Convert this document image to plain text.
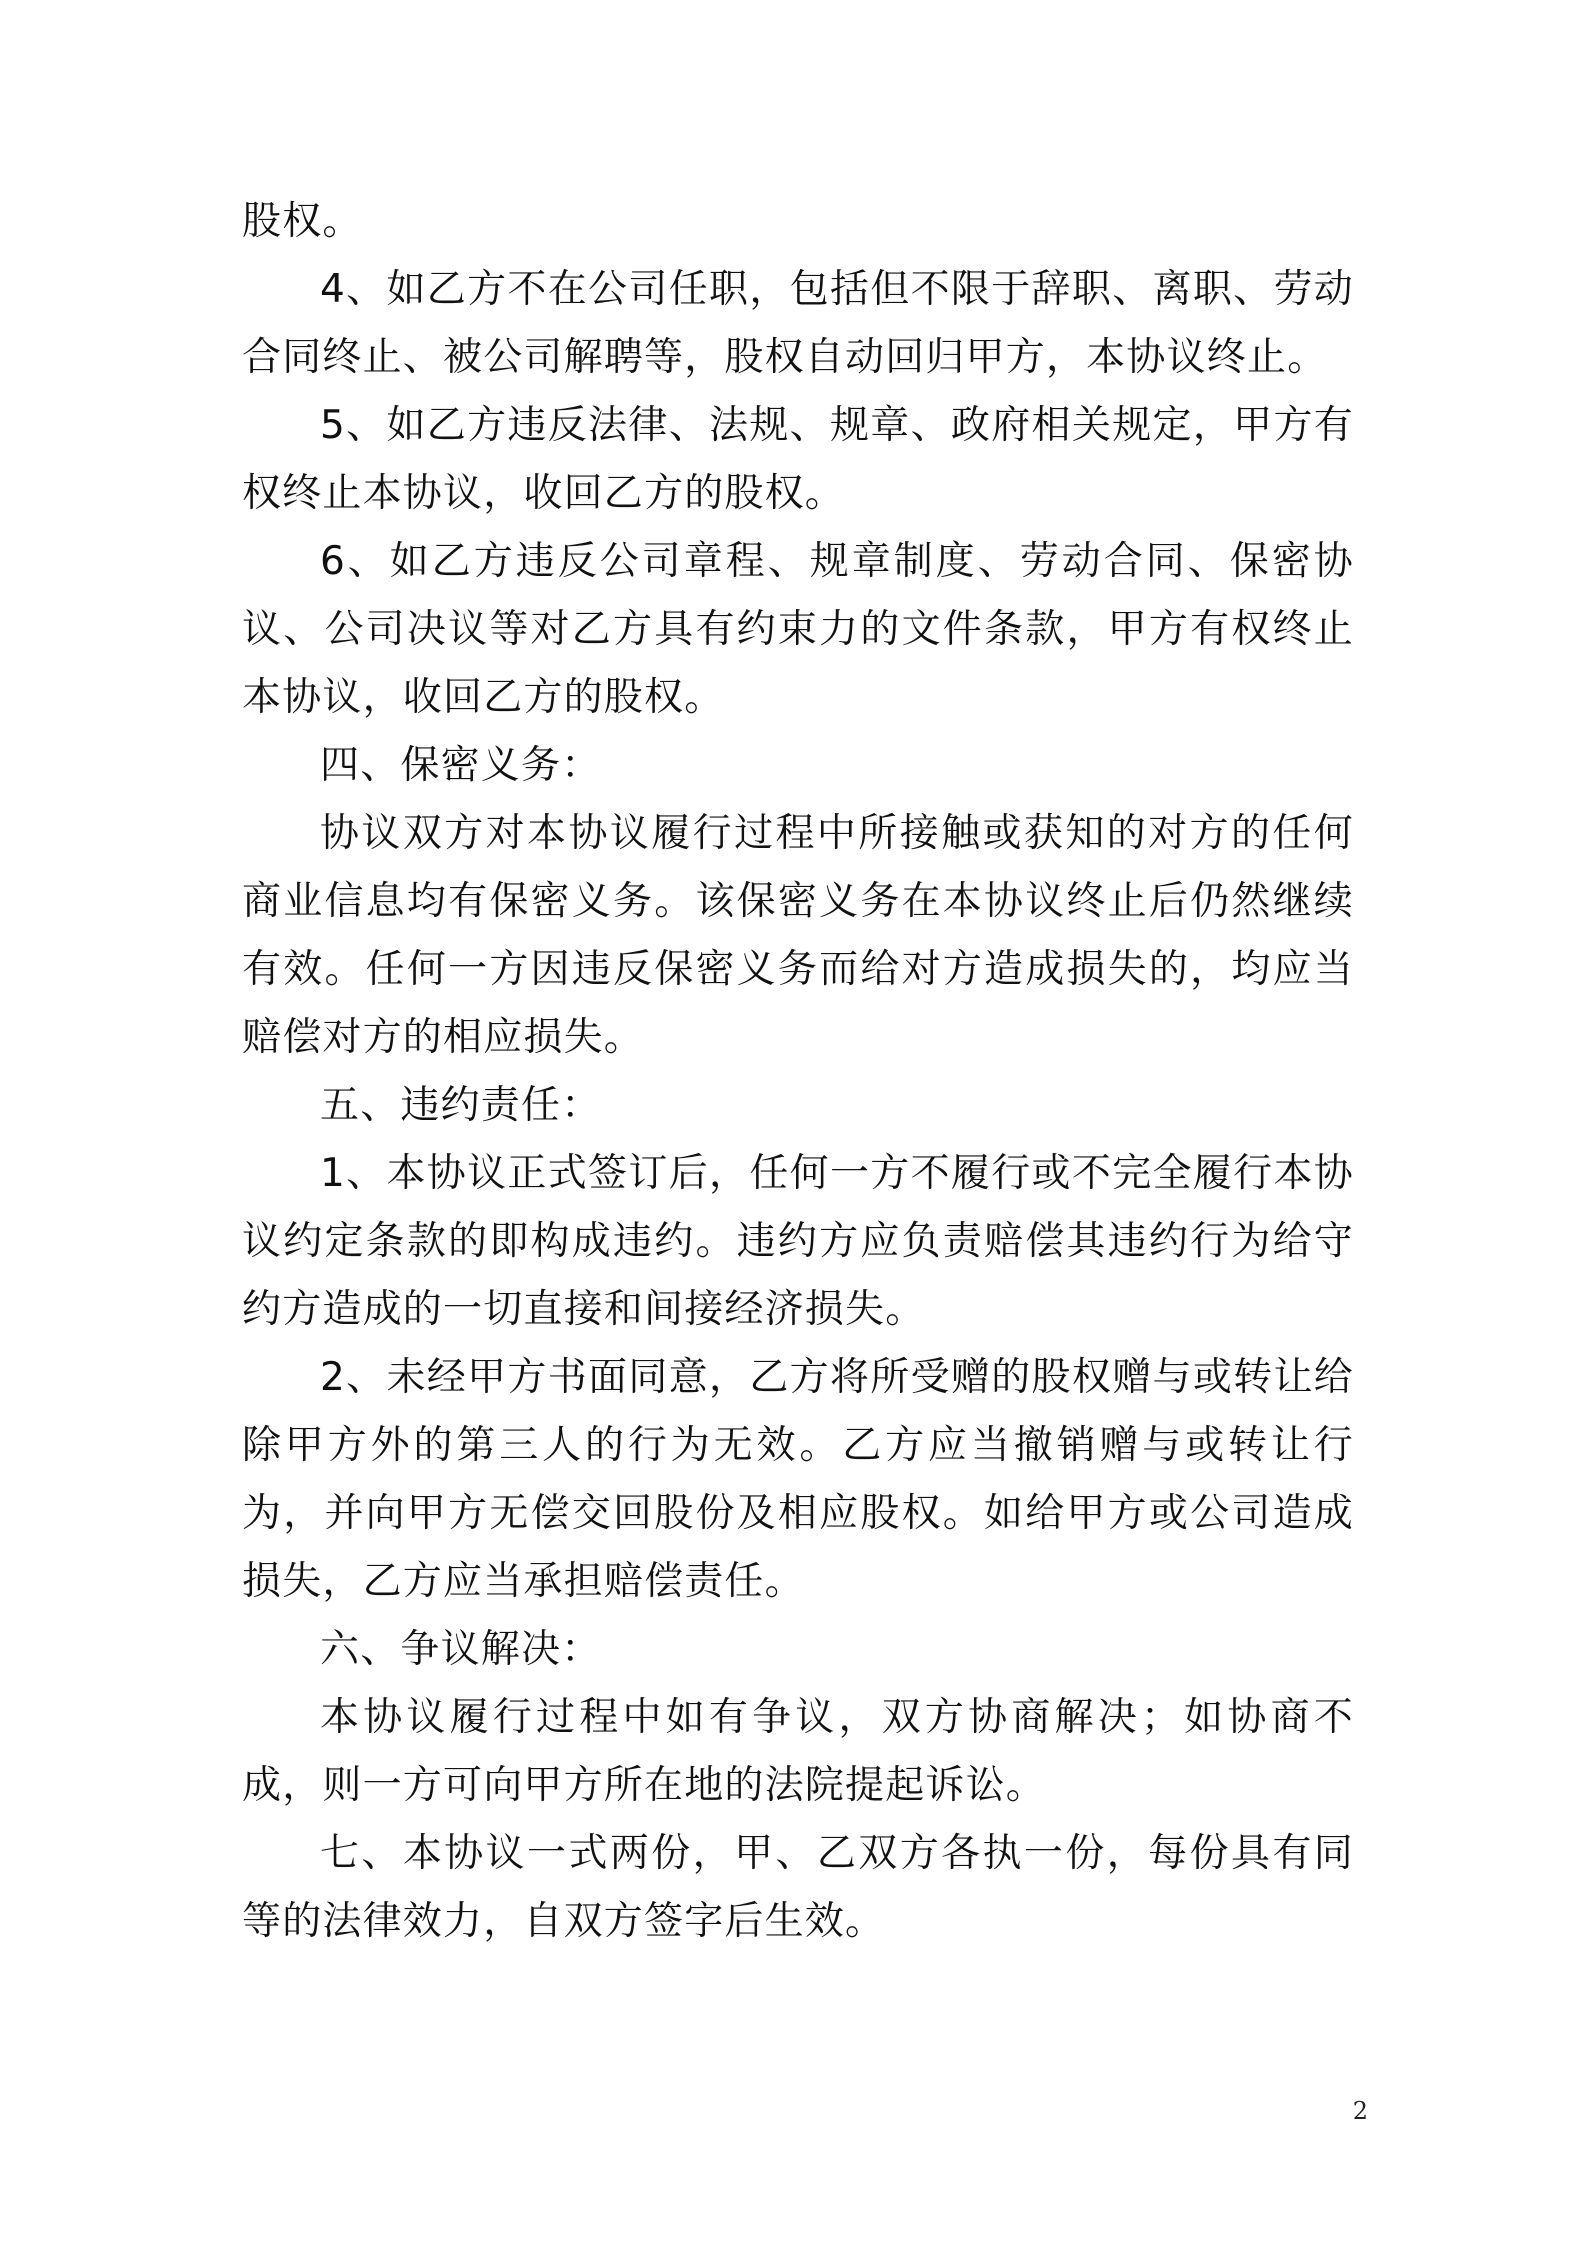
股权。

4、如乙方不在公司任职，包括但不限于辞职、离职、劳动合同终止、被公司解聘等，股权自动回归甲方，本协议终止。

5、如乙方违反法律、法规、规章、政府相关规定，甲方有权终止本协议，收回乙方的股权。

6、如乙方违反公司章程、规章制度、劳动合同、保密协议、公司决议等对乙方具有约束力的文件条款，甲方有权终止本协议，收回乙方的股权。

四、保密义务：

协议双方对本协议履行过程中所接触或获知的对方的任何商业信息均有保密义务。该保密义务在本协议终止后仍然继续有效。任何一方因违反保密义务而给对方造成损失的，均应当赔偿对方的相应损失。

五、违约责任：

1、本协议正式签订后，任何一方不履行或不完全履行本协议约定条款的即构成违约。违约方应负责赔偿其违约行为给守约方造成的一切直接和间接经济损失。

2、未经甲方书面同意，乙方将所受赠的股权赠与或转让给除甲方外的第三人的行为无效。乙方应当撤销赠与或转让行为，并向甲方无偿交回股份及相应股权。如给甲方或公司造成损失，乙方应当承担赔偿责任。

六、争议解决：

本协议履行过程中如有争议，双方协商解决；如协商不成，则一方可向甲方所在地的法院提起诉讼。

七、本协议一式两份，甲、乙双方各执一份，每份具有同等的法律效力，自双方签字后生效。

2
